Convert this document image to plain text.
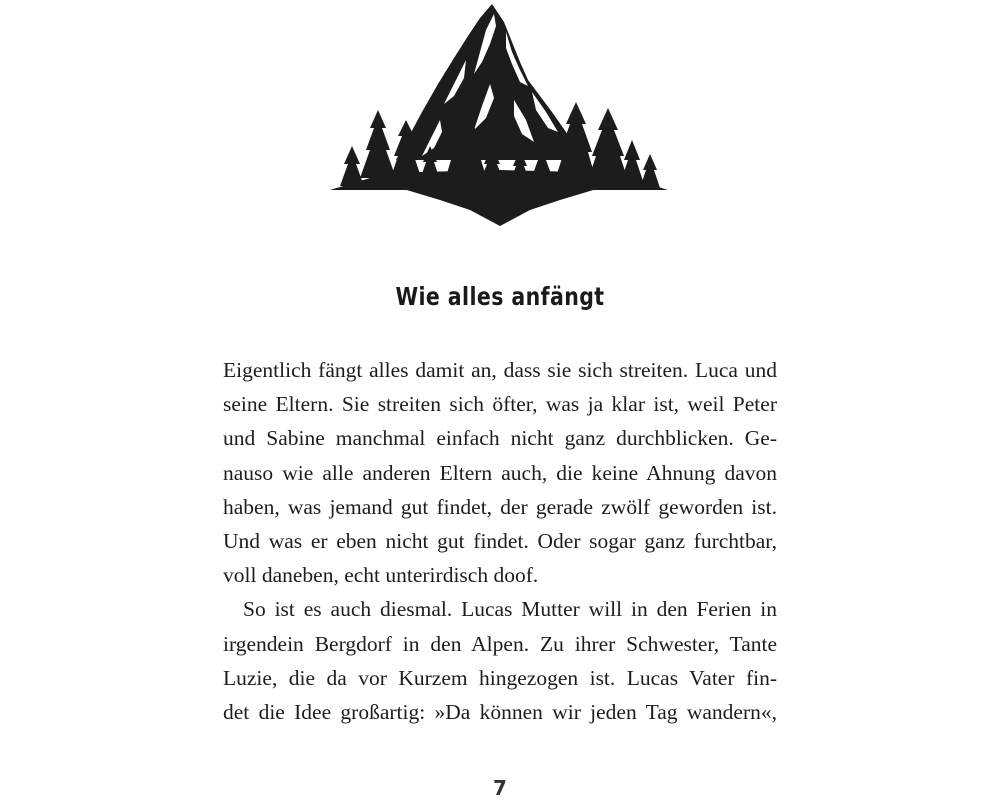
Wie alles anfängt
Eigentlich fängt alles damit an, dass sie sich streiten. Luca und
seine Eltern. Sie streiten sich öfter, was ja klar ist, weil Peter
und Sabine manchmal einfach nicht ganz durchblicken. Ge-
nauso wie alle anderen Eltern auch, die keine Ahnung davon
haben, was jemand gut findet, der gerade zwölf geworden ist.
Und was er eben nicht gut findet. Oder sogar ganz furchtbar,
voll daneben, echt unterirdisch doof.
So ist es auch diesmal. Lucas Mutter will in den Ferien in
irgendein Bergdorf in den Alpen. Zu ihrer Schwester, Tante
Luzie, die da vor Kurzem hingezogen ist. Lucas Vater fin-
det die Idee großartig: »Da können wir jeden Tag wandern«,
7
